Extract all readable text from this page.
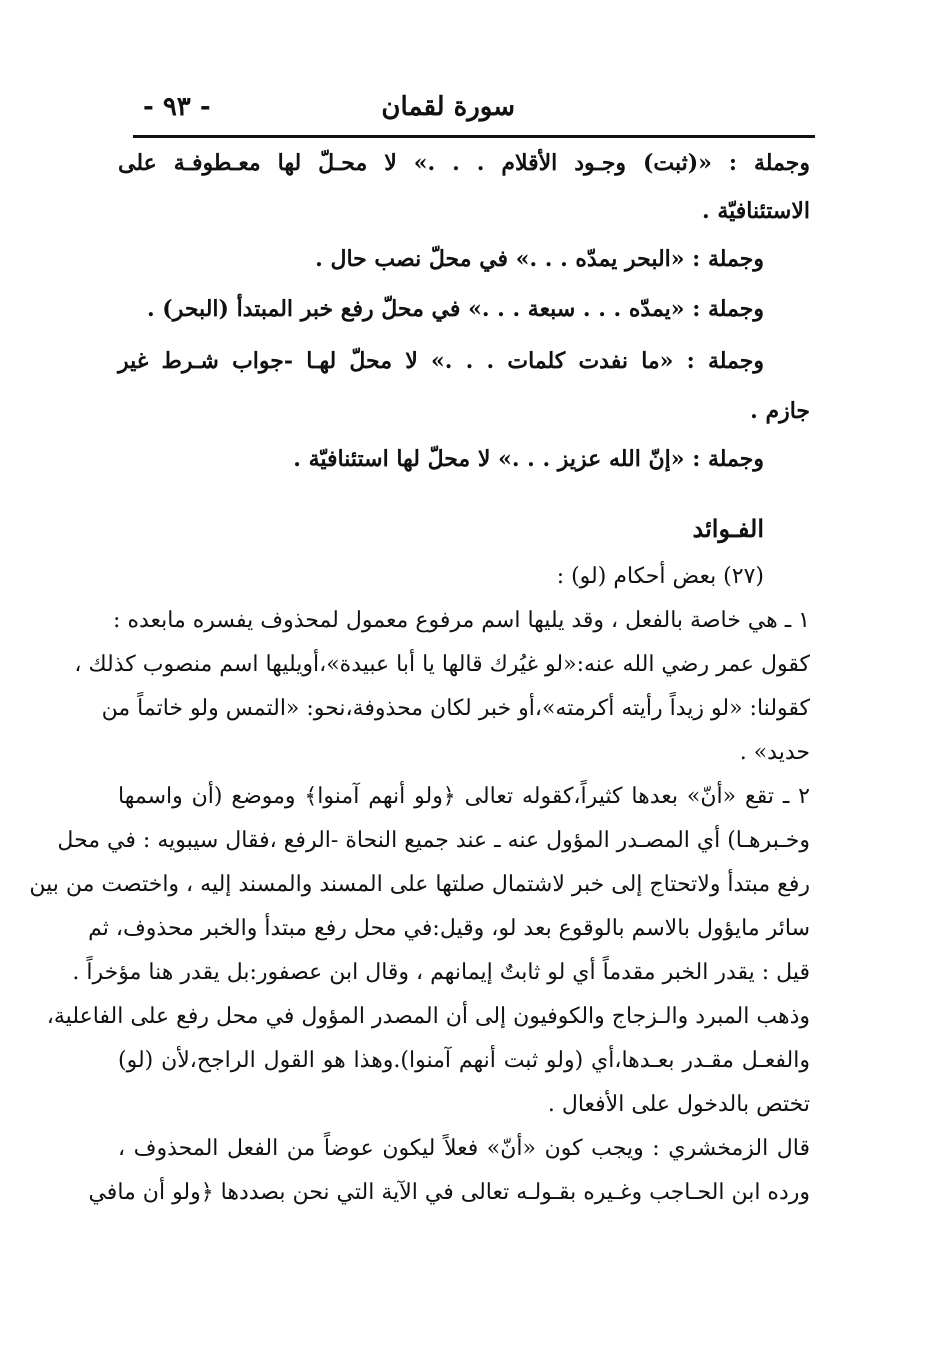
سورة لقمان
- ٩٣ -
وجملة : «(ثبت) وجـود الأقلام . . .» لا محـلّ لها معـطوفـة على
الاستئنافيّة .
وجملة : «البحر يمدّه . . .» في محلّ نصب حال .
وجملة : «يمدّه . . . سبعة . . .» في محلّ رفع خبر المبتدأ (البحر) .
وجملة : «ما نفدت كلمات . . .» لا محلّ لهـا -جواب شـرط غير
جازم .
وجملة : «إنّ الله عزيز . . .» لا محلّ لها استئنافيّة .
الفـوائد
(٢٧) بعض أحكام (لو) :
١ ـ هي خاصة بالفعل ، وقد يليها اسم مرفوع معمول لمحذوف يفسره مابعده :
كقول عمر رضي الله عنه:«لو غيُرك قالها يا أبا عبيدة»،أويليها اسم منصوب كذلك ،
كقولنا: «لو زيداً رأيته أكرمته»،أو خبر لكان محذوفة،نحو: «التمس ولو خاتماً من
حديد» .
٢ ـ تقع «أنّ» بعدها كثيراً،كقوله تعالى ﴿ولو أنهم آمنوا﴾ وموضع (أن واسمها
وخـبرهـا) أي المصـدر المؤول عنه ـ عند جميع النحاة -الرفع ،فقال سيبويه : في محل
رفع مبتدأ ولاتحتاج إلى خبر لاشتمال صلتها على المسند والمسند إليه ، واختصت من بين
سائر مايؤول بالاسم بالوقوع بعد لو، وقيل:في محل رفع مبتدأ والخبر محذوف، ثم
قيل : يقدر الخبر مقدماً أي لو ثابتٌ إيمانهم ، وقال ابن عصفور:بل يقدر هنا مؤخراً .
وذهب المبرد والـزجاج والكوفيون إلى أن المصدر المؤول في محل رفع على الفاعلية،
والفعـل مقـدر بعـدها،أي (ولو ثبت أنهم آمنوا).وهذا هو القول الراجح،لأن (لو)
تختص بالدخول على الأفعال .
قال الزمخشري : ويجب كون «أنّ» فعلاً ليكون عوضاً من الفعل المحذوف ،
ورده ابن الحـاجب وغـيره بقـولـه تعالى في الآية التي نحن بصددها ﴿ولو أن مافي
